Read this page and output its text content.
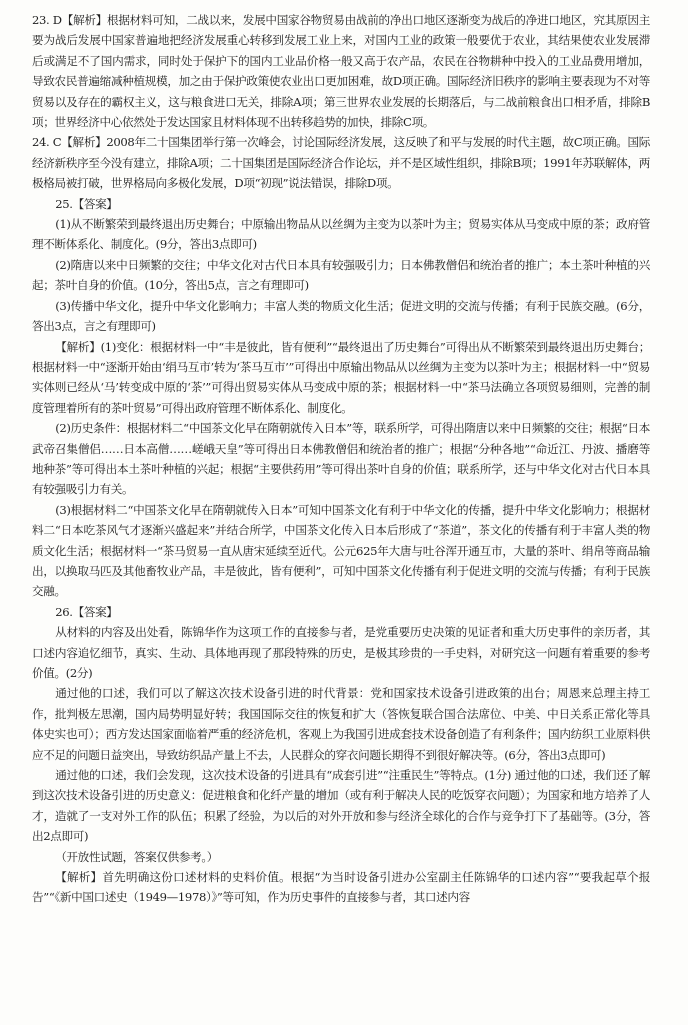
23. D【解析】根据材料可知，二战以来，发展中国家谷物贸易由战前的净出口地区逐渐变为战后的净进口地区，究其原因主要为战后发展中国家普遍地把经济发展重心转移到发展工业上来，对国内工业的政策一般要优于农业，其结果使农业发展滞后或满足不了国内需求，同时处于保护下的国内工业品价格一般又高于农产品，农民在谷物耕种中投入的工业品费用增加，导致农民普遍缩减种植规模，加之由于保护政策使农业出口更加困难，故D项正确。国际经济旧秩序的影响主要表现为不对等贸易以及存在的霸权主义，这与粮食进口无关，排除A项；第三世界农业发展的长期落后，与二战前粮食出口相矛盾，排除B项；世界经济中心依然处于发达国家且材料体现不出转移趋势的加快，排除C项。

24. C【解析】2008年二十国集团举行第一次峰会，讨论国际经济发展，这反映了和平与发展的时代主题，故C项正确。国际经济新秩序至今没有建立，排除A项；二十国集团是国际经济合作论坛，并不是区域性组织，排除B项；1991年苏联解体，两极格局被打破，世界格局向多极化发展，D项“初现”说法错误，排除D项。

25.【答案】

(1)从不断繁荣到最终退出历史舞台；中原输出物品从以丝绸为主变为以茶叶为主；贸易实体从马变成中原的茶；政府管理不断体系化、制度化。(9分，答出3点即可)

(2)隋唐以来中日频繁的交往；中华文化对古代日本具有较强吸引力；日本佛教僧侣和统治者的推广；本土茶叶种植的兴起；茶叶自身的价值。(10分，答出5点，言之有理即可)

(3)传播中华文化，提升中华文化影响力；丰富人类的物质文化生活；促进文明的交流与传播；有利于民族交融。(6分，答出3点，言之有理即可)

【解析】(1)变化：根据材料一中“丰是彼此，皆有便利”“最终退出了历史舞台”可得出从不断繁荣到最终退出历史舞台；根据材料一中“逐渐开始由‘绢马互市’转为‘茶马互市’”可得出中原输出物品从以丝绸为主变为以茶叶为主；根据材料一中“贸易实体则已经从‘马’转变成中原的‘茶’”可得出贸易实体从马变成中原的茶；根据材料一中“茶马法确立各项贸易细则，完善的制度管理着所有的茶叶贸易”可得出政府管理不断体系化、制度化。

(2)历史条件：根据材料二“中国茶文化早在隋朝就传入日本”等，联系所学，可得出隋唐以来中日频繁的交往；根据“日本武帝召集僧侣……日本高僧……嵯峨天皇”等可得出日本佛教僧侣和统治者的推广；根据“分种各地”“命近江、丹波、播磨等地种茶”等可得出本土茶叶种植的兴起；根据“主要供药用”等可得出茶叶自身的价值；联系所学，还与中华文化对古代日本具有较强吸引力有关。

(3)根据材料二“中国茶文化早在隋朝就传入日本”可知中国茶文化有利于中华文化的传播，提升中华文化影响力；根据材料二“日本吃茶风气才逐渐兴盛起来”并结合所学，中国茶文化传入日本后形成了“茶道”，茶文化的传播有利于丰富人类的物质文化生活；根据材料一“茶马贸易一直从唐宋延续至近代。公元625年大唐与吐谷浑开通互市，大量的茶叶、绢帛等商品输出，以换取马匹及其他畜牧业产品，丰是彼此，皆有便利”，可知中国茶文化传播有利于促进文明的交流与传播；有利于民族交融。

26.【答案】

从材料的内容及出处看，陈锦华作为这项工作的直接参与者，是党重要历史决策的见证者和重大历史事件的亲历者，其口述内容追忆细节，真实、生动、具体地再现了那段特殊的历史，是极其珍贵的一手史料，对研究这一问题有着重要的参考价值。(2分)

通过他的口述，我们可以了解这次技术设备引进的时代背景：党和国家技术设备引进政策的出台；周恩来总理主持工作，批判极左思潮，国内局势明显好转；我国国际交往的恢复和扩大（答恢复联合国合法席位、中美、中日关系正常化等具体史实也可）；西方发达国家面临着严重的经济危机，客观上为我国引进成套技术设备创造了有利条件；国内纺织工业原料供应不足的问题日益突出，导致纺织品产量上不去，人民群众的穿衣问题长期得不到很好解决等。(6分，答出3点即可)

通过他的口述，我们会发现，这次技术设备的引进具有“成套引进”“注重民生”等特点。(1分) 通过他的口述，我们还了解到这次技术设备引进的历史意义：促进粮食和化纤产量的增加（或有利于解决人民的吃饭穿衣问题）；为国家和地方培养了人才，造就了一支对外工作的队伍；积累了经验，为以后的对外开放和参与经济全球化的合作与竞争打下了基础等。(3分，答出2点即可)

（开放性试题，答案仅供参考。）

【解析】首先明确这份口述材料的史料价值。根据“为当时设备引进办公室副主任陈锦华的口述内容”“要我起草个报告”“《新中国口述史（1949—1978）》”等可知，作为历史事件的直接参与者，其口述内容
